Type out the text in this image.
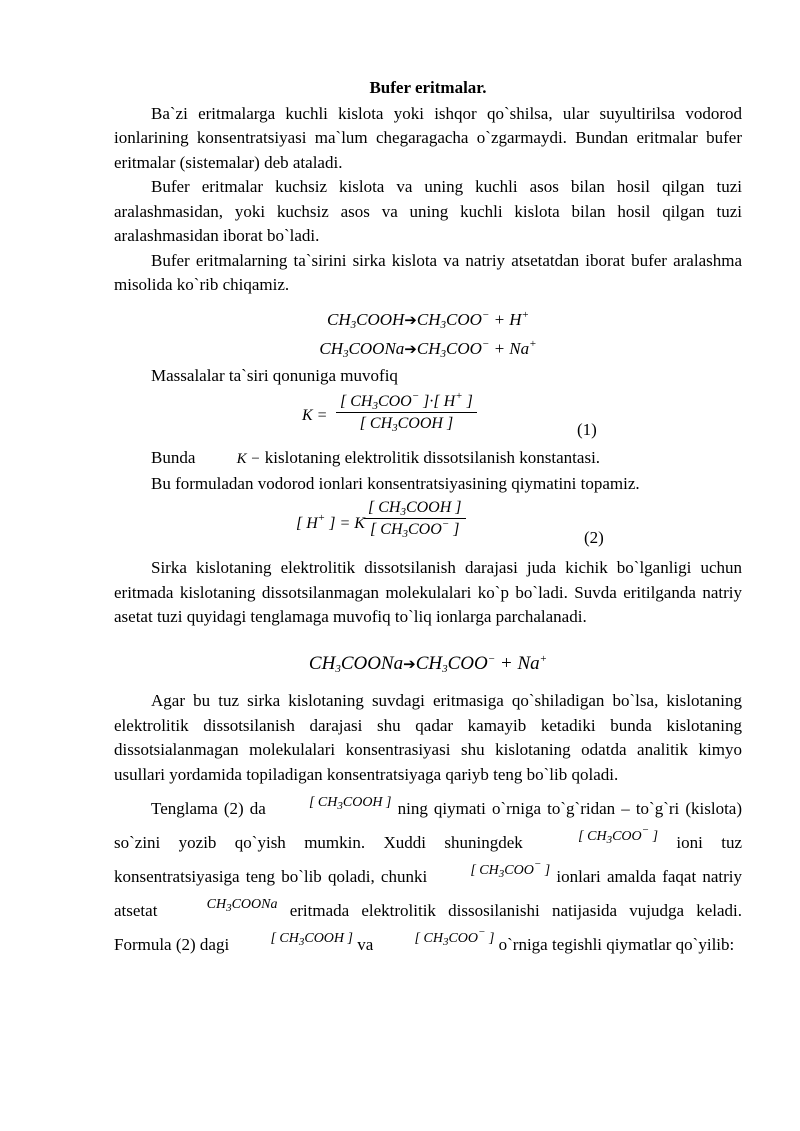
Bufer eritmalar.

Ba`zi eritmalarga kuchli kislota yoki ishqor qo`shilsa, ular suyultirilsa vodorod ionlarining konsentratsiyasi ma`lum chegaragacha o`zgarmaydi. Bundan eritmalar bufer eritmalar (sistemalar) deb ataladi.

Bufer eritmalar kuchsiz kislota va uning kuchli asos bilan hosil qilgan tuzi aralashmasidan, yoki kuchsiz asos va uning kuchli kislota bilan hosil qilgan tuzi aralashmasidan iborat bo`ladi.

Bufer eritmalarning ta`sirini sirka kislota va natriy atsetatdan iborat bufer aralashma misolida ko`rib chiqamiz.

$CH_3COOH➔CH_3COO^- + H^+$
$CH_3COONa➔CH_3COO^- + Na^+$

Massalalar ta`siri qonuniga muvofiq

K =
[ $CH_3COO^-$ ]·[ H+ ]
[ $CH_3COOH$ ]	(1)

Bunda	K − kislotaning elektrolitik dissotsilanish konstantasi.

Bu formuladan vodorod ionlari konsentratsiyasining qiymatini topamiz.

[ H+ ] = K
[ $CH_3COOH$ ]
[ $CH_3COO^-$ ]	(2)

Sirka kislotaning elektrolitik dissotsilanish darajasi juda kichik bo`lganligi uchun eritmada kislotaning dissotsilanmagan molekulalari ko`p bo`ladi. Suvda eritilganda natriy asetat tuzi quyidagi tenglamaga muvofiq to`liq ionlarga parchalanadi.

$CH_3COONa➔CH_3COO^- + Na^+$

Agar bu tuz sirka kislotaning suvdagi eritmasiga qo`shiladigan bo`lsa, kislotaning elektrolitik dissotsilanish darajasi shu qadar kamayib ketadiki bunda kislotaning dissotsialanmagan molekulalari konsentrasiyasi shu kislotaning odatda analitik kimyo usullari yordamida topiladigan konsentratsiyaga qariyb teng bo`lib qoladi.

Tenglama (2) da	[ $CH_3COOH$ ] ning qiymati o`rniga to`g`ridan – to`g`ri (kislota) so`zini yozib qo`yish mumkin. Xuddi shuningdek	[ $CH_3COO^-$ ] ioni tuz konsentratsiyasiga teng bo`lib qoladi, chunki	[ $CH_3COO^-$ ] ionlari amalda faqat natriy atsetat	$CH_3COONa$ eritmada elektrolitik dissosilanishi natijasida vujudga keladi. Formula (2) dagi	[ $CH_3COOH$ ] va	[ $CH_3COO^-$ ] o`rniga tegishli qiymatlar qo`yilib:
